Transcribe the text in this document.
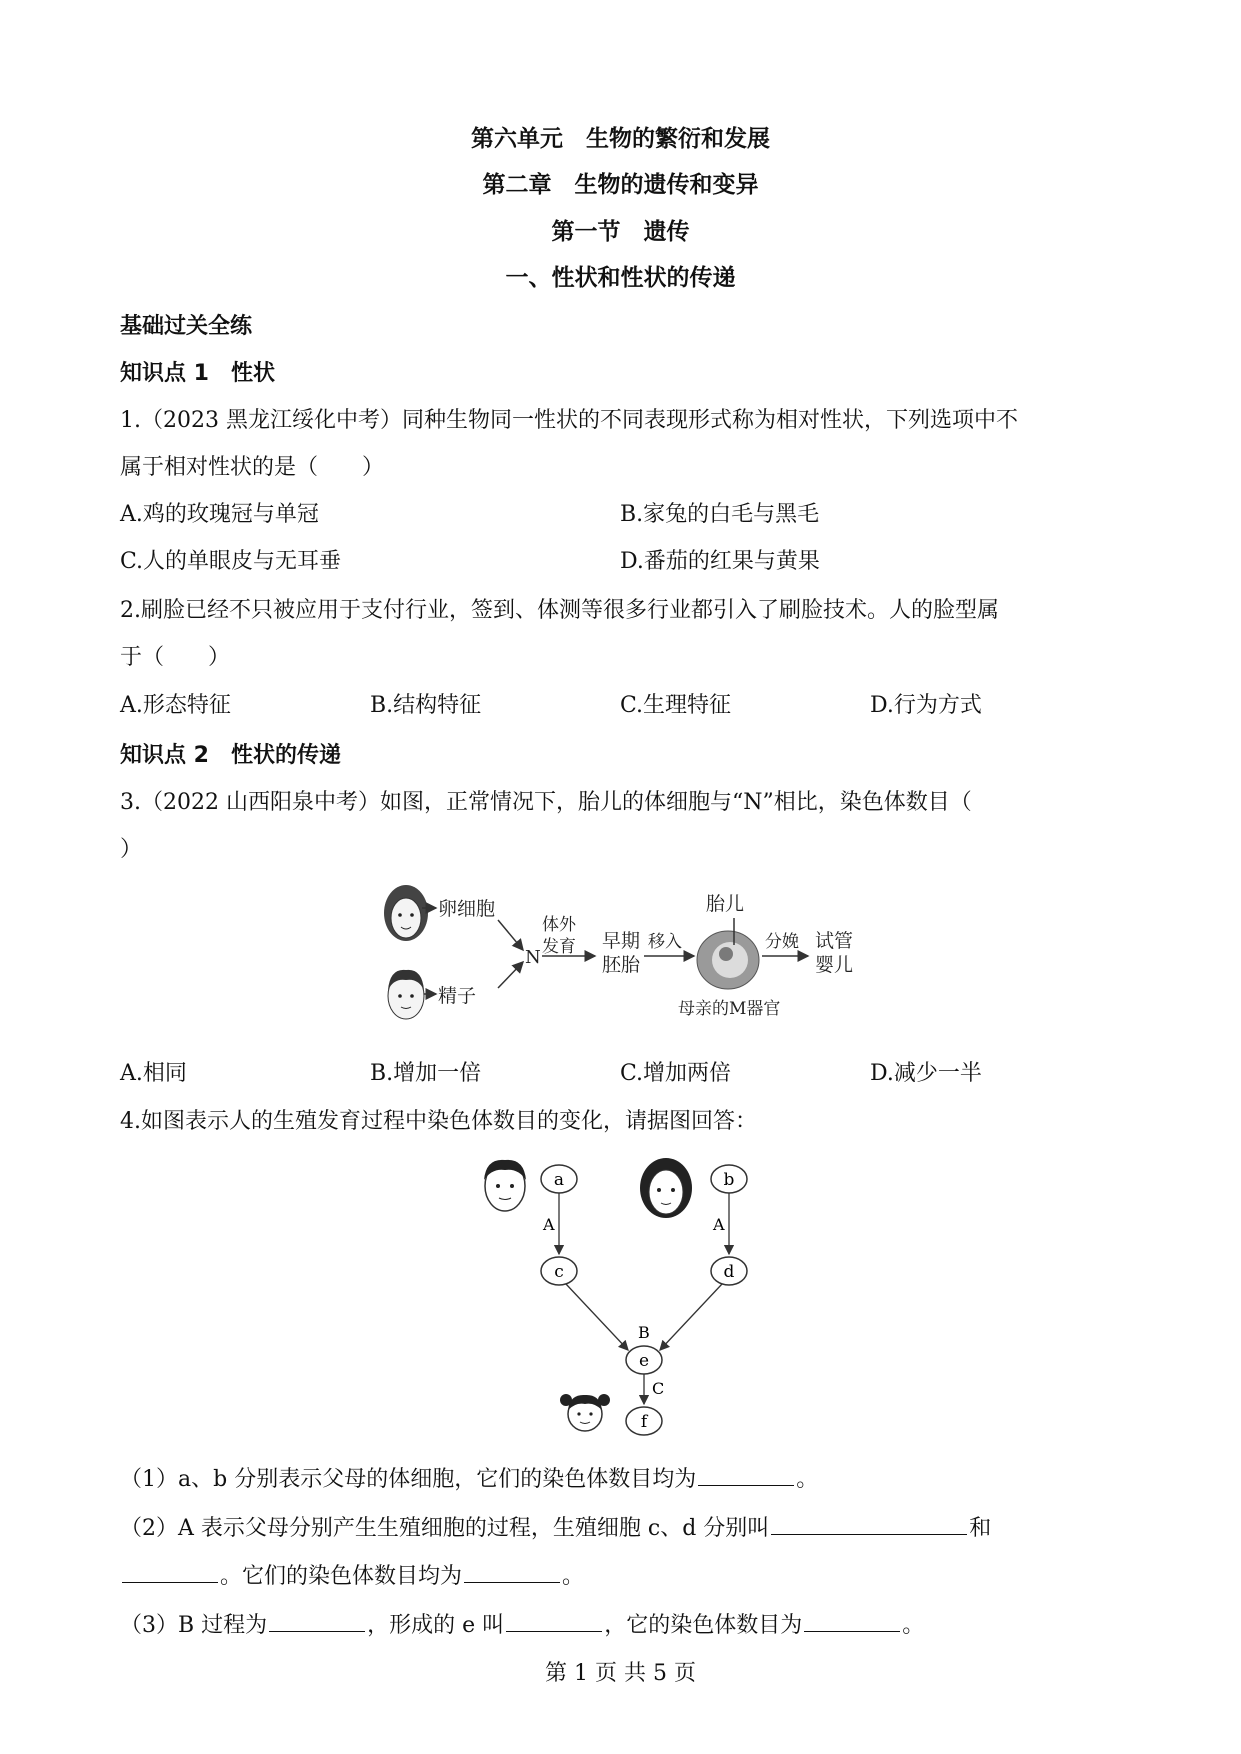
第六单元　生物的繁衍和发展
第二章　生物的遗传和变异
第一节　遗传
一、性状和性状的传递
基础过关全练
知识点 1　性状
1.（2023 黑龙江绥化中考）同种生物同一性状的不同表现形式称为相对性状，下列选项中不
属于相对性状的是（　　）
A.鸡的玫瑰冠与单冠	B.家兔的白毛与黑毛
C.人的单眼皮与无耳垂	D.番茄的红果与黄果
2.刷脸已经不只被应用于支付行业，签到、体测等很多行业都引入了刷脸技术。人的脸型属
于（　　）
A.形态特征	B.结构特征	C.生理特征	D.行为方式
知识点 2　性状的传递
3.（2022 山西阳泉中考）如图，正常情况下，胎儿的体细胞与“N”相比，染色体数目（
）
卵细胞
精子
N
体外
发育 早期
胚胎
移入
胎儿
母亲的M器官
分娩 试管
婴儿
A.相同	B.增加一倍	C.增加两倍	D.减少一半
4.如图表示人的生殖发育过程中染色体数目的变化，请据图回答：
a	b
c	d
e
f
A	A
B
C
（1）a、b 分别表示父母的体细胞，它们的染色体数目均为	。
（2）A 表示父母分别产生生殖细胞的过程，生殖细胞 c、d 分别叫	和
。它们的染色体数目均为	。
（3）B 过程为	，形成的 e 叫	，它的染色体数目为	。
第 1 页 共 5 页
